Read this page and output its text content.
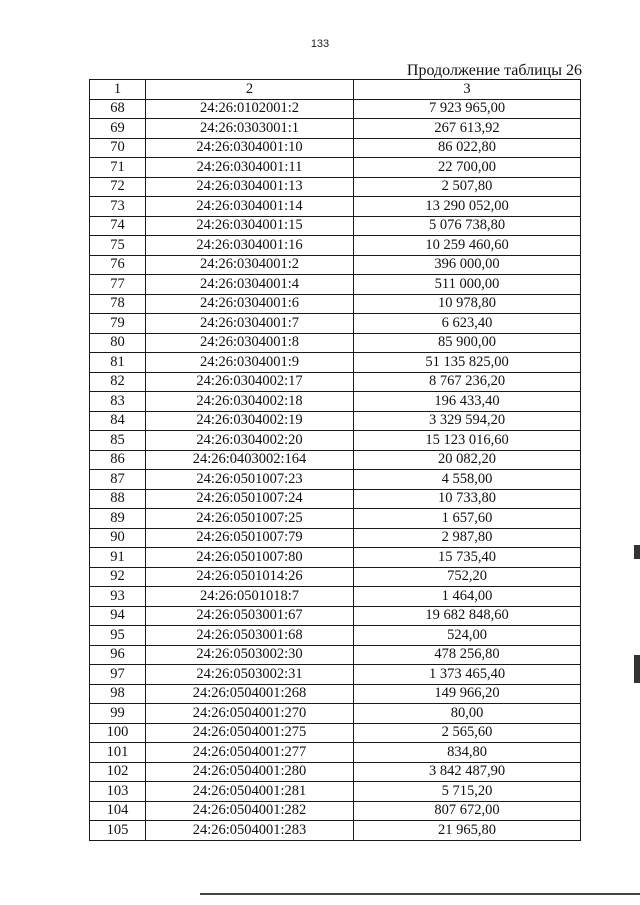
133
Продолжение таблицы 26
1	2	3
68	24:26:0102001:2	7 923 965,00
69	24:26:0303001:1	267 613,92
70	24:26:0304001:10	86 022,80
71	24:26:0304001:11	22 700,00
72	24:26:0304001:13	2 507,80
73	24:26:0304001:14	13 290 052,00
74	24:26:0304001:15	5 076 738,80
75	24:26:0304001:16	10 259 460,60
76	24:26:0304001:2	396 000,00
77	24:26:0304001:4	511 000,00
78	24:26:0304001:6	10 978,80
79	24:26:0304001:7	6 623,40
80	24:26:0304001:8	85 900,00
81	24:26:0304001:9	51 135 825,00
82	24:26:0304002:17	8 767 236,20
83	24:26:0304002:18	196 433,40
84	24:26:0304002:19	3 329 594,20
85	24:26:0304002:20	15 123 016,60
86	24:26:0403002:164	20 082,20
87	24:26:0501007:23	4 558,00
88	24:26:0501007:24	10 733,80
89	24:26:0501007:25	1 657,60
90	24:26:0501007:79	2 987,80
91	24:26:0501007:80	15 735,40
92	24:26:0501014:26	752,20
93	24:26:0501018:7	1 464,00
94	24:26:0503001:67	19 682 848,60
95	24:26:0503001:68	524,00
96	24:26:0503002:30	478 256,80
97	24:26:0503002:31	1 373 465,40
98	24:26:0504001:268	149 966,20
99	24:26:0504001:270	80,00
100	24:26:0504001:275	2 565,60
101	24:26:0504001:277	834,80
102	24:26:0504001:280	3 842 487,90
103	24:26:0504001:281	5 715,20
104	24:26:0504001:282	807 672,00
105	24:26:0504001:283	21 965,80
